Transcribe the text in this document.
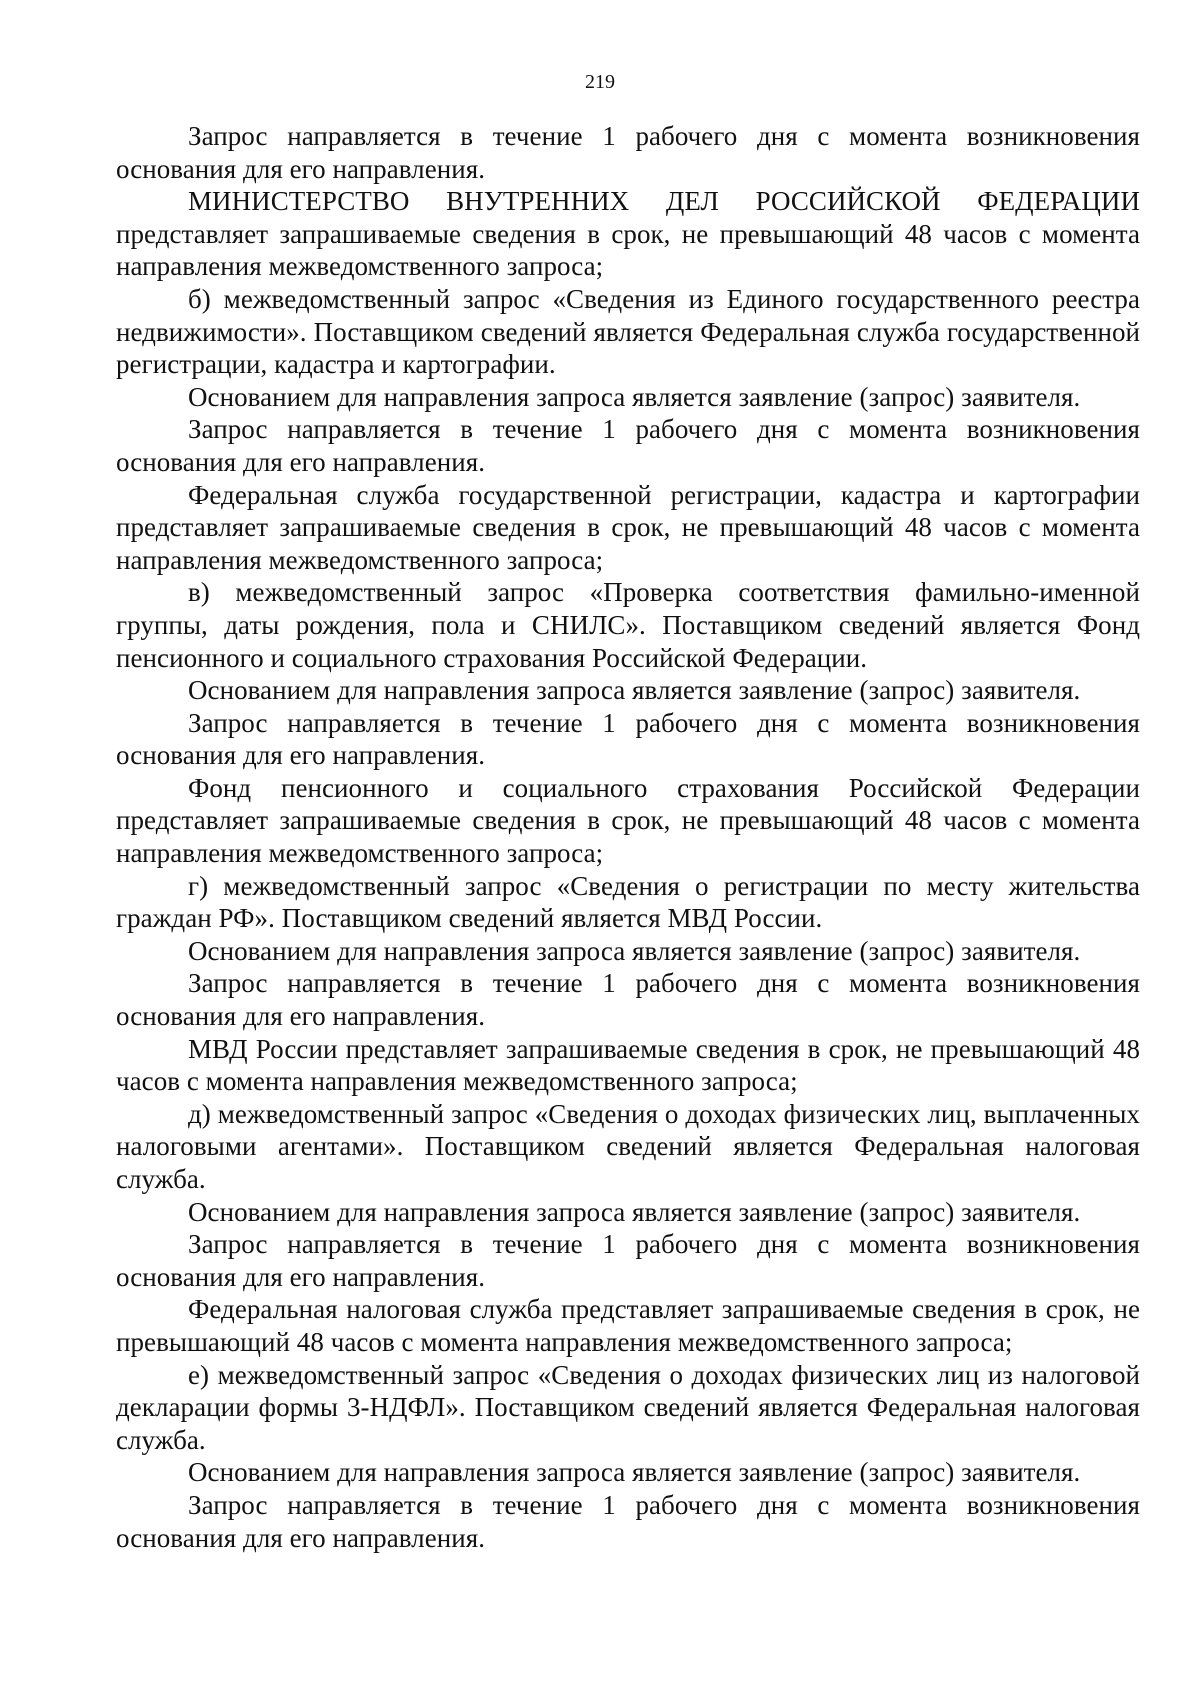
219

Запрос направляется в течение 1 рабочего дня с момента возникновения основания для его направления.

МИНИСТЕРСТВО ВНУТРЕННИХ ДЕЛ РОССИЙСКОЙ ФЕДЕРАЦИИ представляет запрашиваемые сведения в срок, не превышающий 48 часов с момента направления межведомственного запроса;

б) межведомственный запрос «Сведения из Единого государственного реестра недвижимости». Поставщиком сведений является Федеральная служба государственной регистрации, кадастра и картографии.

Основанием для направления запроса является заявление (запрос) заявителя.

Запрос направляется в течение 1 рабочего дня с момента возникновения основания для его направления.

Федеральная служба государственной регистрации, кадастра и картографии представляет запрашиваемые сведения в срок, не превышающий 48 часов с момента направления межведомственного запроса;

в) межведомственный запрос «Проверка соответствия фамильно-именной группы, даты рождения, пола и СНИЛС». Поставщиком сведений является Фонд пенсионного и социального страхования Российской Федерации.

Основанием для направления запроса является заявление (запрос) заявителя.

Запрос направляется в течение 1 рабочего дня с момента возникновения основания для его направления.

Фонд пенсионного и социального страхования Российской Федерации представляет запрашиваемые сведения в срок, не превышающий 48 часов с момента направления межведомственного запроса;

г) межведомственный запрос «Сведения о регистрации по месту жительства граждан РФ». Поставщиком сведений является МВД России.

Основанием для направления запроса является заявление (запрос) заявителя.

Запрос направляется в течение 1 рабочего дня с момента возникновения основания для его направления.

МВД России представляет запрашиваемые сведения в срок, не превышающий 48 часов с момента направления межведомственного запроса;

д) межведомственный запрос «Сведения о доходах физических лиц, выплаченных налоговыми агентами». Поставщиком сведений является Федеральная налоговая служба.

Основанием для направления запроса является заявление (запрос) заявителя.

Запрос направляется в течение 1 рабочего дня с момента возникновения основания для его направления.

Федеральная налоговая служба представляет запрашиваемые сведения в срок, не превышающий 48 часов с момента направления межведомственного запроса;

е) межведомственный запрос «Сведения о доходах физических лиц из налоговой декларации формы 3-НДФЛ». Поставщиком сведений является Федеральная налоговая служба.

Основанием для направления запроса является заявление (запрос) заявителя.

Запрос направляется в течение 1 рабочего дня с момента возникновения основания для его направления.
